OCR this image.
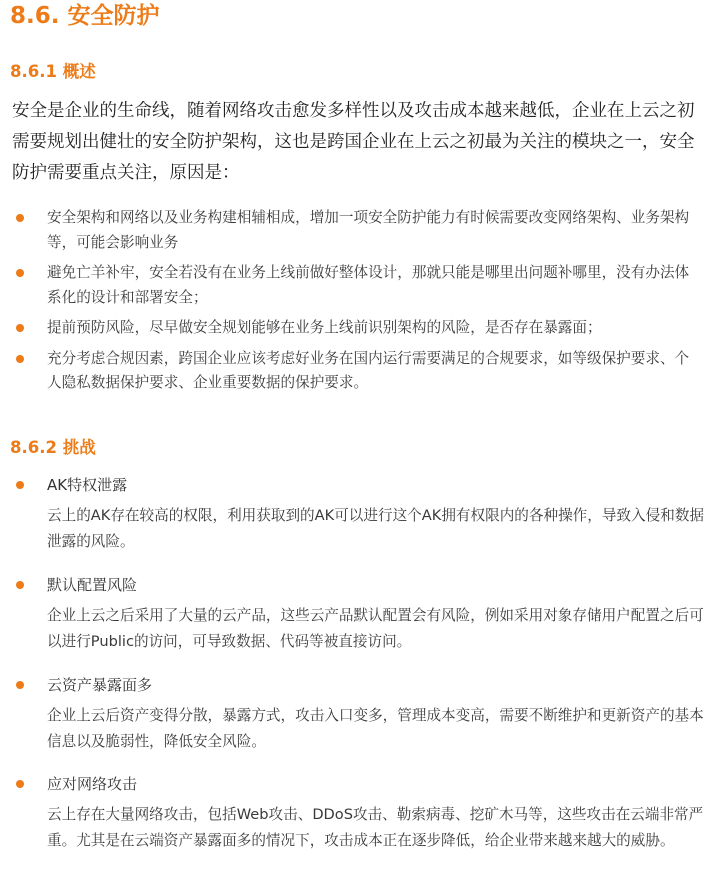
8.6. 安全防护
8.6.1 概述

安全是企业的生命线，随着网络攻击愈发多样性以及攻击成本越来越低，企业在上云之初需要规划出健壮的安全防护架构，这也是跨国企业在上云之初最为关注的模块之一，安全防护需要重点关注，原因是：

安全架构和网络以及业务构建相辅相成，增加一项安全防护能力有时候需要改变网络架构、业务架构等，可能会影响业务
避免亡羊补牢，安全若没有在业务上线前做好整体设计，那就只能是哪里出问题补哪里，没有办法体系化的设计和部署安全；
提前预防风险，尽早做安全规划能够在业务上线前识别架构的风险，是否存在暴露面；
充分考虑合规因素，跨国企业应该考虑好业务在国内运行需要满足的合规要求，如等级保护要求、个人隐私数据保护要求、企业重要数据的保护要求。
8.6.2 挑战
AK特权泄露
云上的AK存在较高的权限，利用获取到的AK可以进行这个AK拥有权限内的各种操作，导致入侵和数据泄露的风险。
默认配置风险
企业上云之后采用了大量的云产品，这些云产品默认配置会有风险，例如采用对象存储用户配置之后可以进行Public的访问，可导致数据、代码等被直接访问。
云资产暴露面多
企业上云后资产变得分散，暴露方式，攻击入口变多，管理成本变高，需要不断维护和更新资产的基本信息以及脆弱性，降低安全风险。
应对网络攻击
云上存在大量网络攻击，包括Web攻击、DDoS攻击、勒索病毒、挖矿木马等，这些攻击在云端非常严重。尤其是在云端资产暴露面多的情况下，攻击成本正在逐步降低，给企业带来越来越大的威胁。
